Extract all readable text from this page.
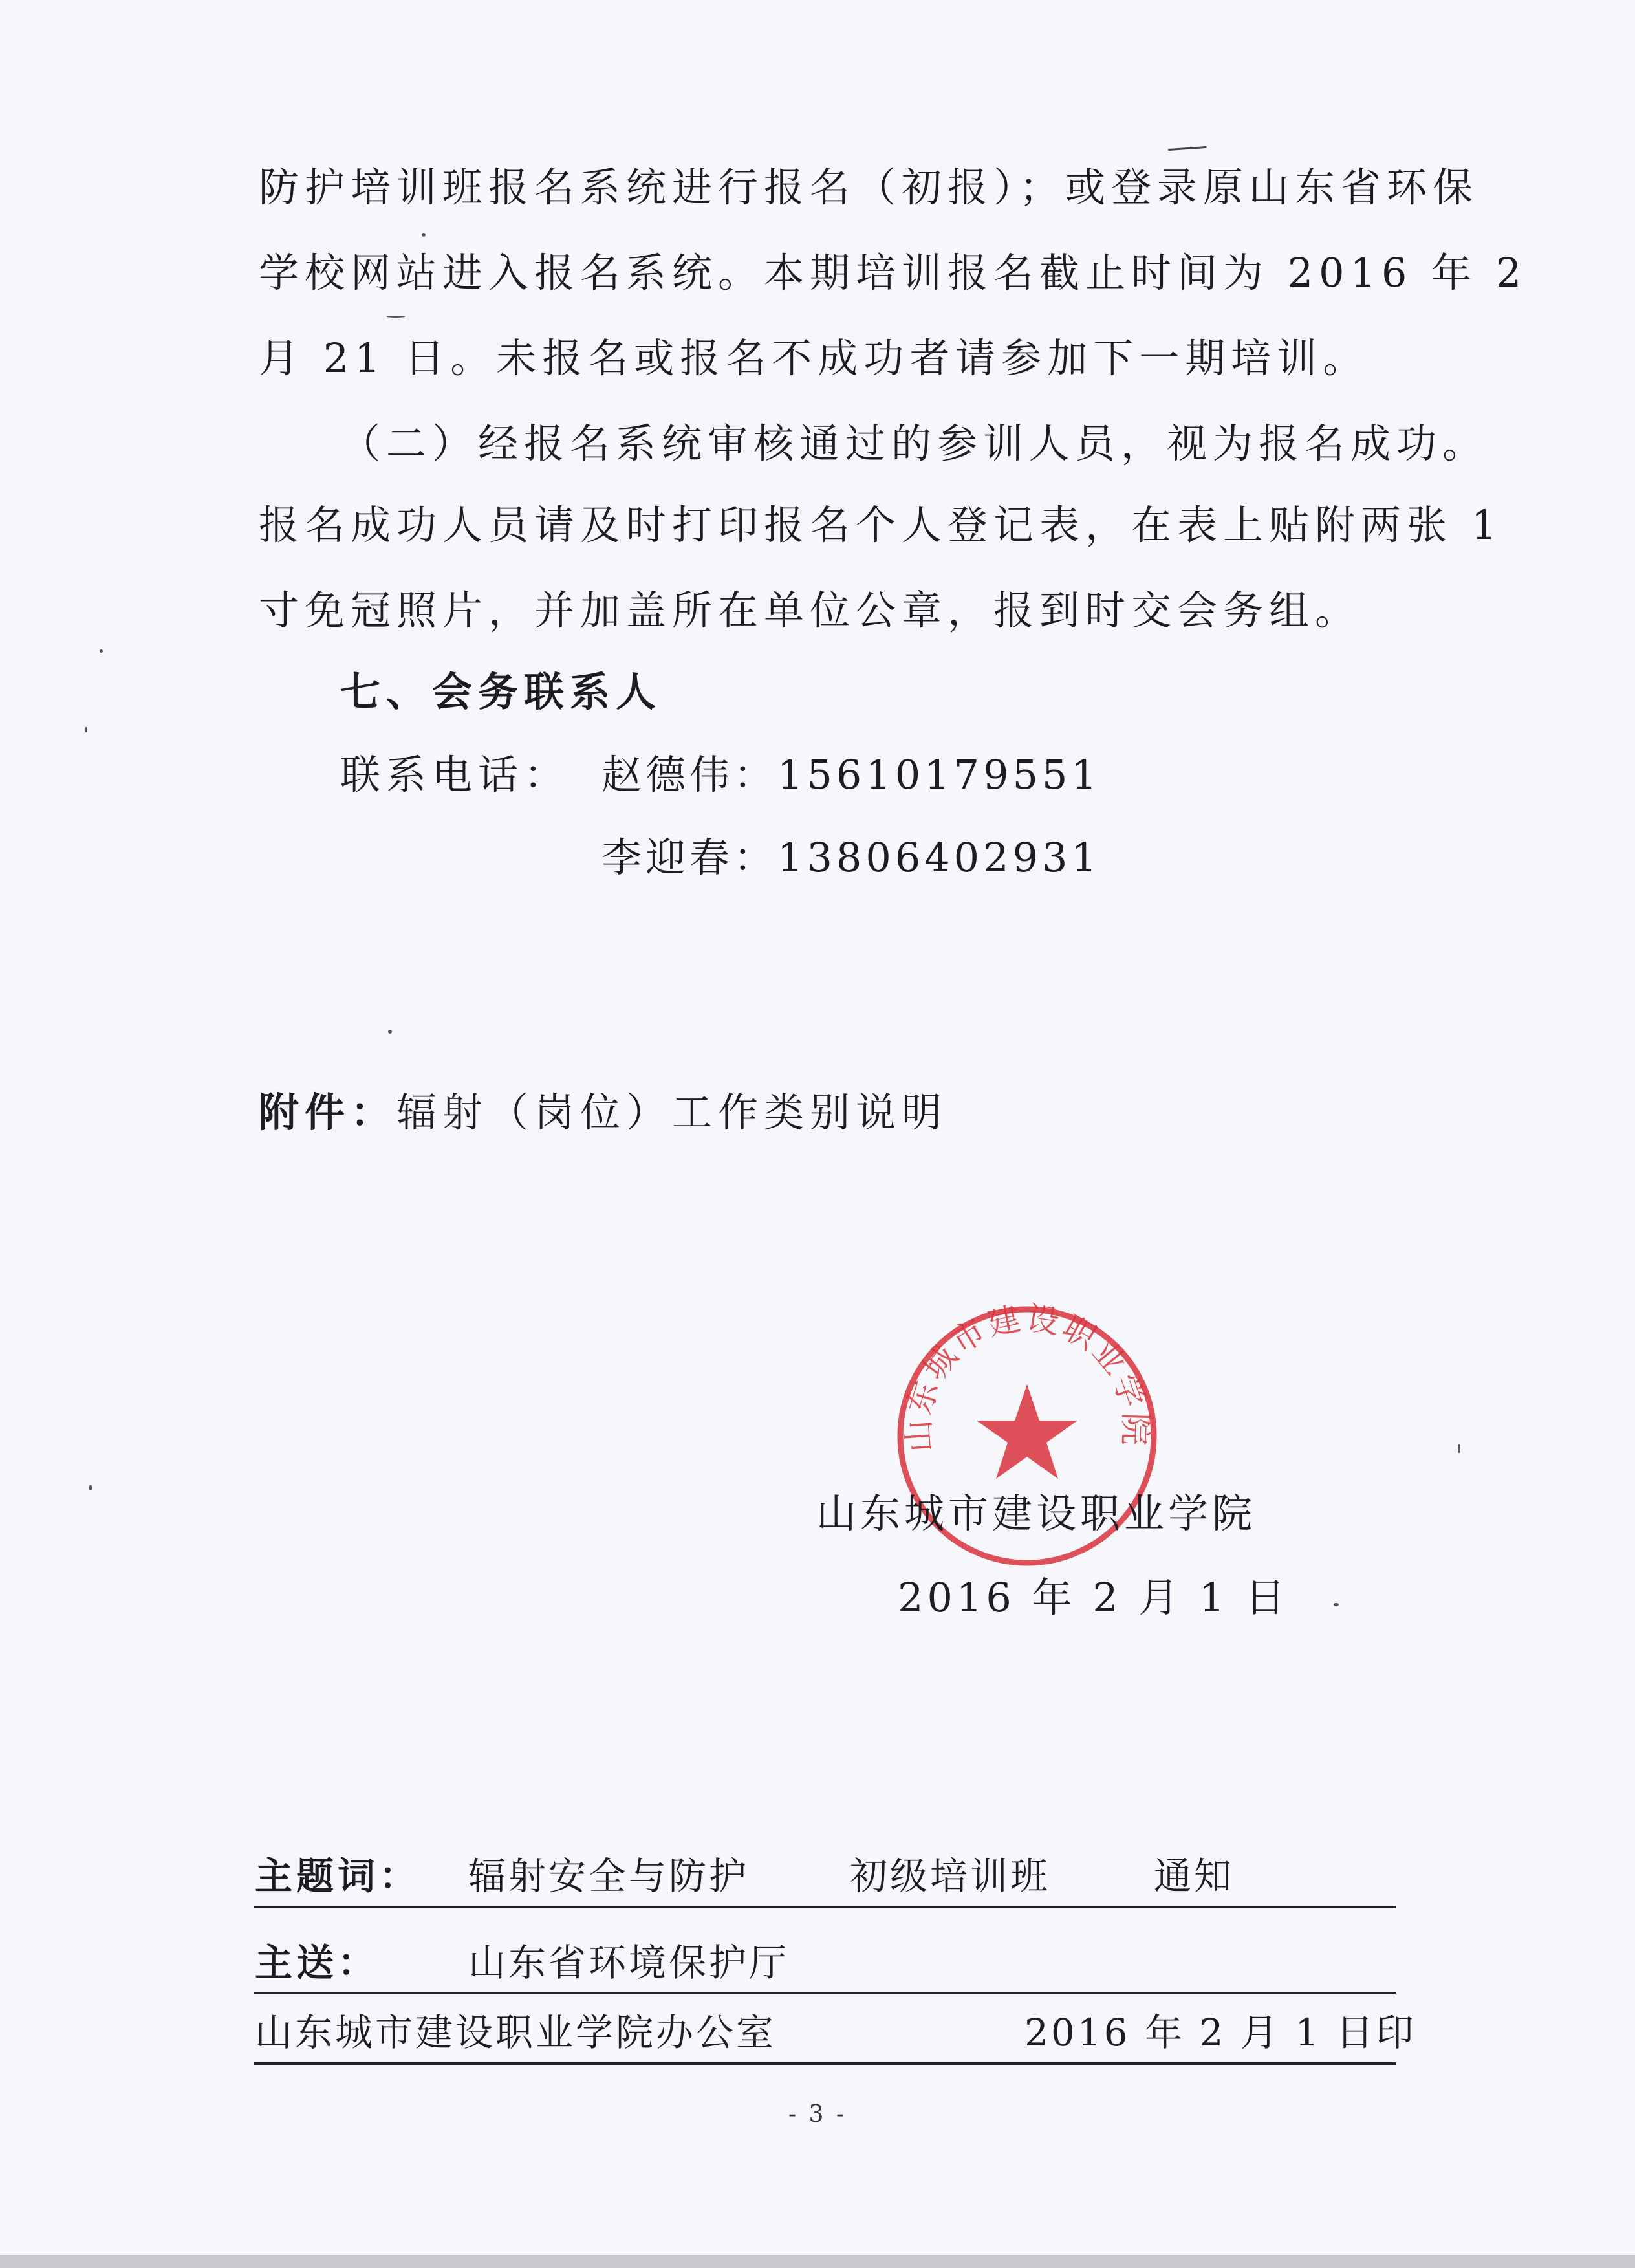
防护培训班报名系统进行报名（初报）；或登录原山东省环保
学校网站进入报名系统。本期培训报名截止时间为 2016 年 2
月 21 日。未报名或报名不成功者请参加下一期培训。
（二）经报名系统审核通过的参训人员，视为报名成功。
报名成功人员请及时打印报名个人登记表，在表上贴附两张 1
寸免冠照片，并加盖所在单位公章，报到时交会务组。
七、会务联系人
联系电话： 赵德伟：15610179551
李迎春：13806402931
附件：辐射（岗位）工作类别说明
山东城市建设职业学院
山东城市建设职业学院
2016 年 2 月 1 日
主题词： 辐射安全与防护	初级培训班	通知
主送： 山东省环境保护厅
山东城市建设职业学院办公室	2016 年 2 月 1 日印
- 3 -
